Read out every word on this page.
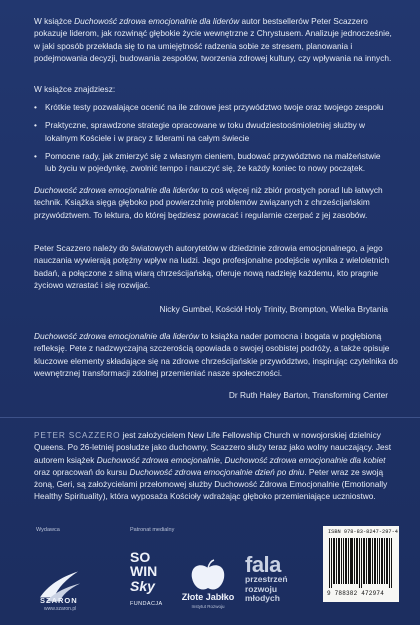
W książce Duchowość zdrowa emocjonalnie dla liderów autor bestsellerów Peter Scazzero pokazuje liderom, jak rozwinąć głębokie życie wewnętrzne z Chrystusem. Analizuje jednocześnie, w jaki sposób przekłada się to na umiejętność radzenia sobie ze stresem, planowania i podejmowania decyzji, budowania zespołów, tworzenia zdrowej kultury, czy wpływania na innych.

W książce znajdziesz:

• Krótkie testy pozwalające ocenić na ile zdrowe jest przywództwo twoje oraz twojego zespołu
• Praktyczne, sprawdzone strategie opracowane w toku dwudziestoośmioletniej służby w lokalnym Kościele i w pracy z liderami na całym świecie
• Pomocne rady, jak zmierzyć się z własnym cieniem, budować przywództwo na małżeństwie lub życiu w pojedynkę, zwolnić tempo i nauczyć się, że każdy koniec to nowy początek.

Duchowość zdrowa emocjonalnie dla liderów to coś więcej niż zbiór prostych porad lub łatwych technik. Książka sięga głęboko pod powierzchnię problemów związanych z chrześcijańskim przywództwem. To lektura, do której będziesz powracać i regularnie czerpać z jej zasobów.

Peter Scazzero należy do światowych autorytetów w dziedzinie zdrowia emocjonalnego, a jego nauczania wywierają potężny wpływ na ludzi. Jego profesjonalne podejście wynika z wieloletnich badań, a połączone z silną wiarą chrześcijańską, oferuje nową nadzieję każdemu, kto pragnie życiowo wzrastać i się rozwijać.

Nicky Gumbel, Kościół Holy Trinity, Brompton, Wielka Brytania

Duchowość zdrowa emocjonalnie dla liderów to książka nader pomocna i bogata w pogłębioną refleksję. Pete z nadzwyczajną szczerością opowiada o swojej osobistej podróży, a także opisuje kluczowe elementy składające się na zdrowe chrześcijańskie przywództwo, inspirując czytelnika do wewnętrznej transformacji zdolnej przemieniać nasze społeczności.

Dr Ruth Haley Barton, Transforming Center

PETER SCAZZERO jest założycielem New Life Fellowship Church w nowojorskiej dzielnicy Queens. Po 26-letniej posłudze jako duchowny, Scazzero służy teraz jako wolny nauczający. Jest autorem książek Duchowość zdrowa emocjonalnie, Duchowość zdrowa emocjonalnie dla kobiet oraz opracowań do kursu Duchowość zdrowa emocjonalnie dzień po dniu. Peter wraz ze swoją żoną, Geri, są założycielami przełomowej służby Duchowość Zdrowa Emocjonalnie (Emotionally Healthy Spirituality), która wyposaża Kościoły wdrażając głęboko przemieniające uczniostwo.

Wydawca	Patronat medialny
SZARON
www.szaron.pl
SO
WIN
Sky
FUNDACJA
Złote Jabłko
Instytut Rozwoju
fala
przestrzeń
rozwoju
młodych
ISBN 978-83-8247-297-4
9 788382 472974
